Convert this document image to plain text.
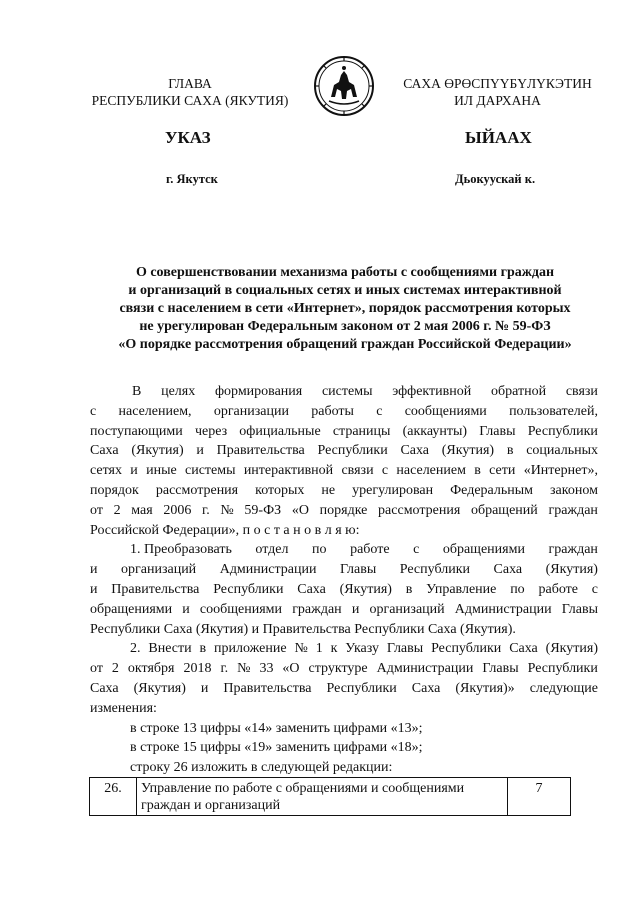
ГЛАВА
РЕСПУБЛИКИ САХА (ЯКУТИЯ)
САХА ӨРӨСПҮҮБҮЛҮКЭТИН
ИЛ ДАРХАНА
УКАЗ	ЫЙААХ
г. Якутск	Дьокуускай к.
О совершенствовании механизма работы с сообщениями граждан
и организаций в социальных сетях и иных системах интерактивной
связи с населением в сети «Интернет», порядок рассмотрения которых
не урегулирован Федеральным законом от 2 мая 2006 г. № 59-ФЗ
«О порядке рассмотрения обращений граждан Российской Федерации»
В целях формирования системы эффективной обратной связи
с населением, организации работы с сообщениями пользователей,
поступающими через официальные страницы (аккаунты) Главы Республики
Саха (Якутия) и Правительства Республики Саха (Якутия) в социальных
сетях и иные системы интерактивной связи с населением в сети «Интернет»,
порядок рассмотрения которых не урегулирован Федеральным законом
от 2 мая 2006 г. № 59-ФЗ «О порядке рассмотрения обращений граждан
Российской Федерации», п о с т а н о в л я ю:
1. Преобразовать отдел по работе с обращениями граждан
и организаций Администрации Главы Республики Саха (Якутия)
и Правительства Республики Саха (Якутия) в Управление по работе с
обращениями и сообщениями граждан и организаций Администрации Главы
Республики Саха (Якутия) и Правительства Республики Саха (Якутия).
2. Внести в приложение № 1 к Указу Главы Республики Саха (Якутия)
от 2 октября 2018 г. № 33 «О структуре Администрации Главы Республики
Саха (Якутия) и Правительства Республики Саха (Якутия)» следующие
изменения:
в строке 13 цифры «14» заменить цифрами «13»;
в строке 15 цифры «19» заменить цифрами «18»;
строку 26 изложить в следующей редакции:
26.	Управление по работе с обращениями и сообщениями граждан и организаций	7
